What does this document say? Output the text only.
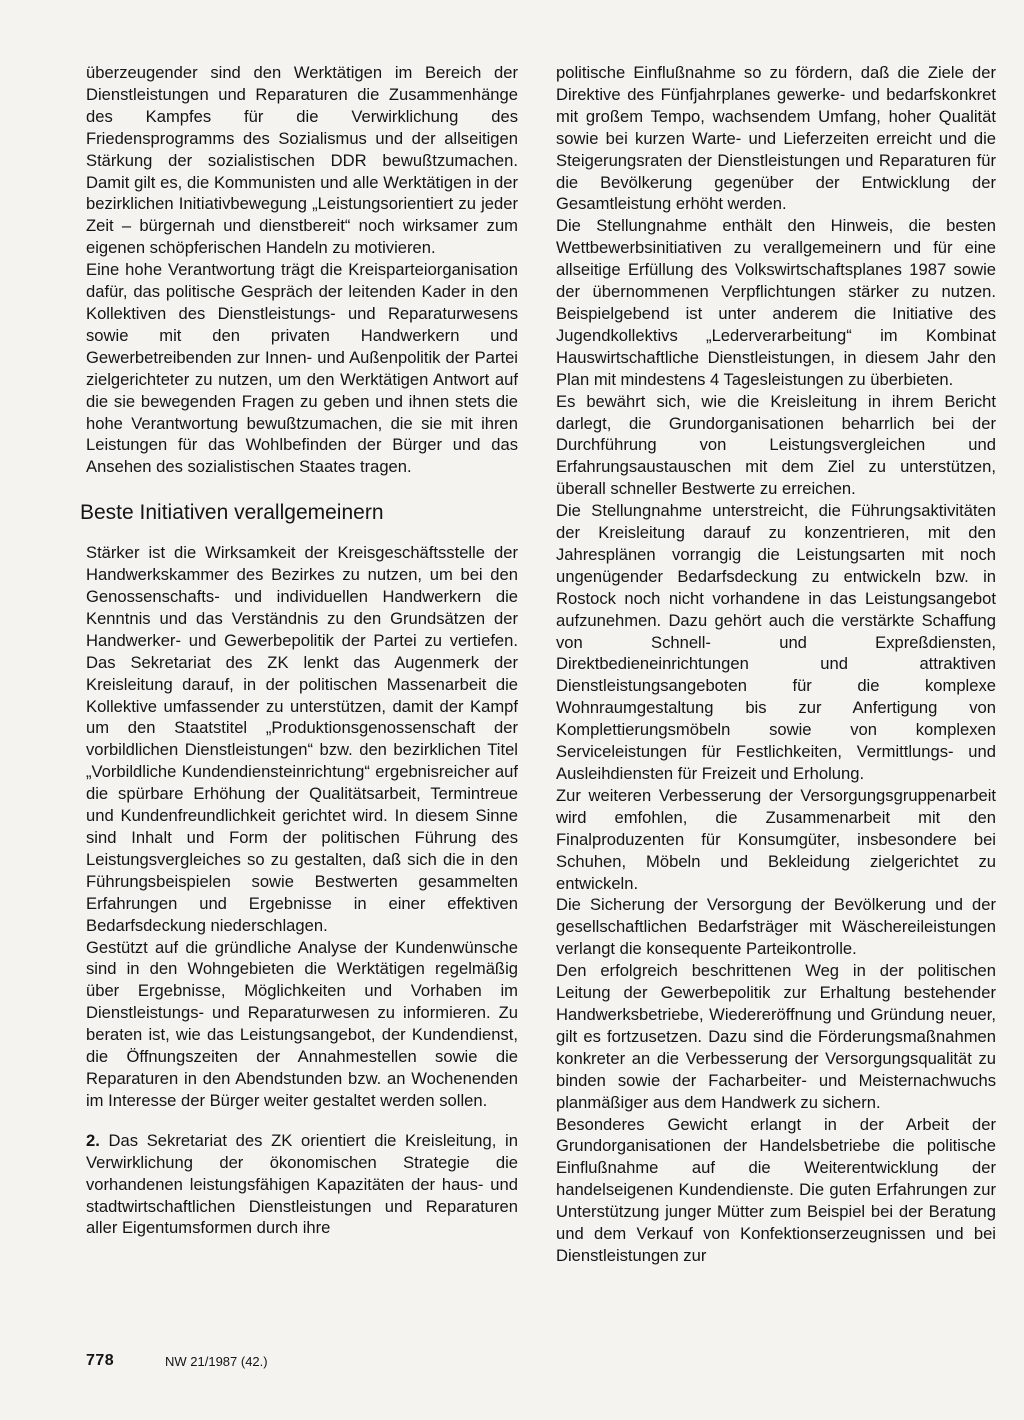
überzeugender sind den Werktätigen im Bereich der Dienstleistungen und Reparaturen die Zusammenhänge des Kampfes für die Verwirklichung des Friedensprogramms des Sozialismus und der allseitigen Stärkung der sozialistischen DDR bewußtzumachen. Damit gilt es, die Kommunisten und alle Werktätigen in der bezirklichen Initiativbewegung „Leistungsorientiert zu jeder Zeit – bürgernah und dienstbereit“ noch wirksamer zum eigenen schöpferischen Handeln zu motivieren.

Eine hohe Verantwortung trägt die Kreisparteiorganisation dafür, das politische Gespräch der leitenden Kader in den Kollektiven des Dienstleistungs- und Reparaturwesens sowie mit den privaten Handwerkern und Gewerbetreibenden zur Innen- und Außenpolitik der Partei zielgerichteter zu nutzen, um den Werktätigen Antwort auf die sie bewegenden Fragen zu geben und ihnen stets die hohe Verantwortung bewußtzumachen, die sie mit ihren Leistungen für das Wohlbefinden der Bürger und das Ansehen des sozialistischen Staates tragen.

Beste Initiativen verallgemeinern

Stärker ist die Wirksamkeit der Kreisgeschäftsstelle der Handwerkskammer des Bezirkes zu nutzen, um bei den Genossenschafts- und individuellen Handwerkern die Kenntnis und das Verständnis zu den Grundsätzen der Handwerker- und Gewerbepolitik der Partei zu vertiefen. Das Sekretariat des ZK lenkt das Augenmerk der Kreisleitung darauf, in der politischen Massenarbeit die Kollektive umfassender zu unterstützen, damit der Kampf um den Staatstitel „Produktionsgenossenschaft der vorbildlichen Dienstleistungen“ bzw. den bezirklichen Titel „Vorbildliche Kundendiensteinrichtung“ ergebnisreicher auf die spürbare Erhöhung der Qualitätsarbeit, Termintreue und Kundenfreundlichkeit gerichtet wird. In diesem Sinne sind Inhalt und Form der politischen Führung des Leistungsvergleiches so zu gestalten, daß sich die in den Führungsbeispielen sowie Bestwerten gesammelten Erfahrungen und Ergebnisse in einer effektiven Bedarfsdeckung niederschlagen.

Gestützt auf die gründliche Analyse der Kundenwünsche sind in den Wohngebieten die Werktätigen regelmäßig über Ergebnisse, Möglichkeiten und Vorhaben im Dienstleistungs- und Reparaturwesen zu informieren. Zu beraten ist, wie das Leistungsangebot, der Kundendienst, die Öffnungszeiten der Annahmestellen sowie die Reparaturen in den Abendstunden bzw. an Wochenenden im Interesse der Bürger weiter gestaltet werden sollen.

2. Das Sekretariat des ZK orientiert die Kreisleitung, in Verwirklichung der ökonomischen Strategie die vorhandenen leistungsfähigen Kapazitäten der haus- und stadtwirtschaftlichen Dienstleistungen und Reparaturen aller Eigentumsformen durch ihre

politische Einflußnahme so zu fördern, daß die Ziele der Direktive des Fünfjahrplanes gewerke- und bedarfskonkret mit großem Tempo, wachsendem Umfang, hoher Qualität sowie bei kurzen Warte- und Lieferzeiten erreicht und die Steigerungsraten der Dienstleistungen und Reparaturen für die Bevölkerung gegenüber der Entwicklung der Gesamtleistung erhöht werden.

Die Stellungnahme enthält den Hinweis, die besten Wettbewerbsinitiativen zu verallgemeinern und für eine allseitige Erfüllung des Volkswirtschaftsplanes 1987 sowie der übernommenen Verpflichtungen stärker zu nutzen. Beispielgebend ist unter anderem die Initiative des Jugendkollektivs „Lederverarbeitung“ im Kombinat Hauswirtschaftliche Dienstleistungen, in diesem Jahr den Plan mit mindestens 4 Tagesleistungen zu überbieten.

Es bewährt sich, wie die Kreisleitung in ihrem Bericht darlegt, die Grundorganisationen beharrlich bei der Durchführung von Leistungsvergleichen und Erfahrungsaustauschen mit dem Ziel zu unterstützen, überall schneller Bestwerte zu erreichen.

Die Stellungnahme unterstreicht, die Führungsaktivitäten der Kreisleitung darauf zu konzentrieren, mit den Jahresplänen vorrangig die Leistungsarten mit noch ungenügender Bedarfsdeckung zu entwickeln bzw. in Rostock noch nicht vorhandene in das Leistungsangebot aufzunehmen. Dazu gehört auch die verstärkte Schaffung von Schnell- und Expreßdiensten, Direktbedieneinrichtungen und attraktiven Dienstleistungsangeboten für die komplexe Wohnraumgestaltung bis zur Anfertigung von Komplettierungsmöbeln sowie von komplexen Serviceleistungen für Festlichkeiten, Vermittlungs- und Ausleihdiensten für Freizeit und Erholung.

Zur weiteren Verbesserung der Versorgungsgruppenarbeit wird emfohlen, die Zusammenarbeit mit den Finalproduzenten für Konsumgüter, insbesondere bei Schuhen, Möbeln und Bekleidung zielgerichtet zu entwickeln.

Die Sicherung der Versorgung der Bevölkerung und der gesellschaftlichen Bedarfsträger mit Wäschereileistungen verlangt die konsequente Parteikontrolle.

Den erfolgreich beschrittenen Weg in der politischen Leitung der Gewerbepolitik zur Erhaltung bestehender Handwerksbetriebe, Wiedereröffnung und Gründung neuer, gilt es fortzusetzen. Dazu sind die Förderungsmaßnahmen konkreter an die Verbesserung der Versorgungsqualität zu binden sowie der Facharbeiter- und Meisternachwuchs planmäßiger aus dem Handwerk zu sichern.

Besonderes Gewicht erlangt in der Arbeit der Grundorganisationen der Handelsbetriebe die politische Einflußnahme auf die Weiterentwicklung der handelseigenen Kundendienste. Die guten Erfahrungen zur Unterstützung junger Mütter zum Beispiel bei der Beratung und dem Verkauf von Konfektionserzeugnissen und bei Dienstleistungen zur

778	NW 21/1987 (42.)
